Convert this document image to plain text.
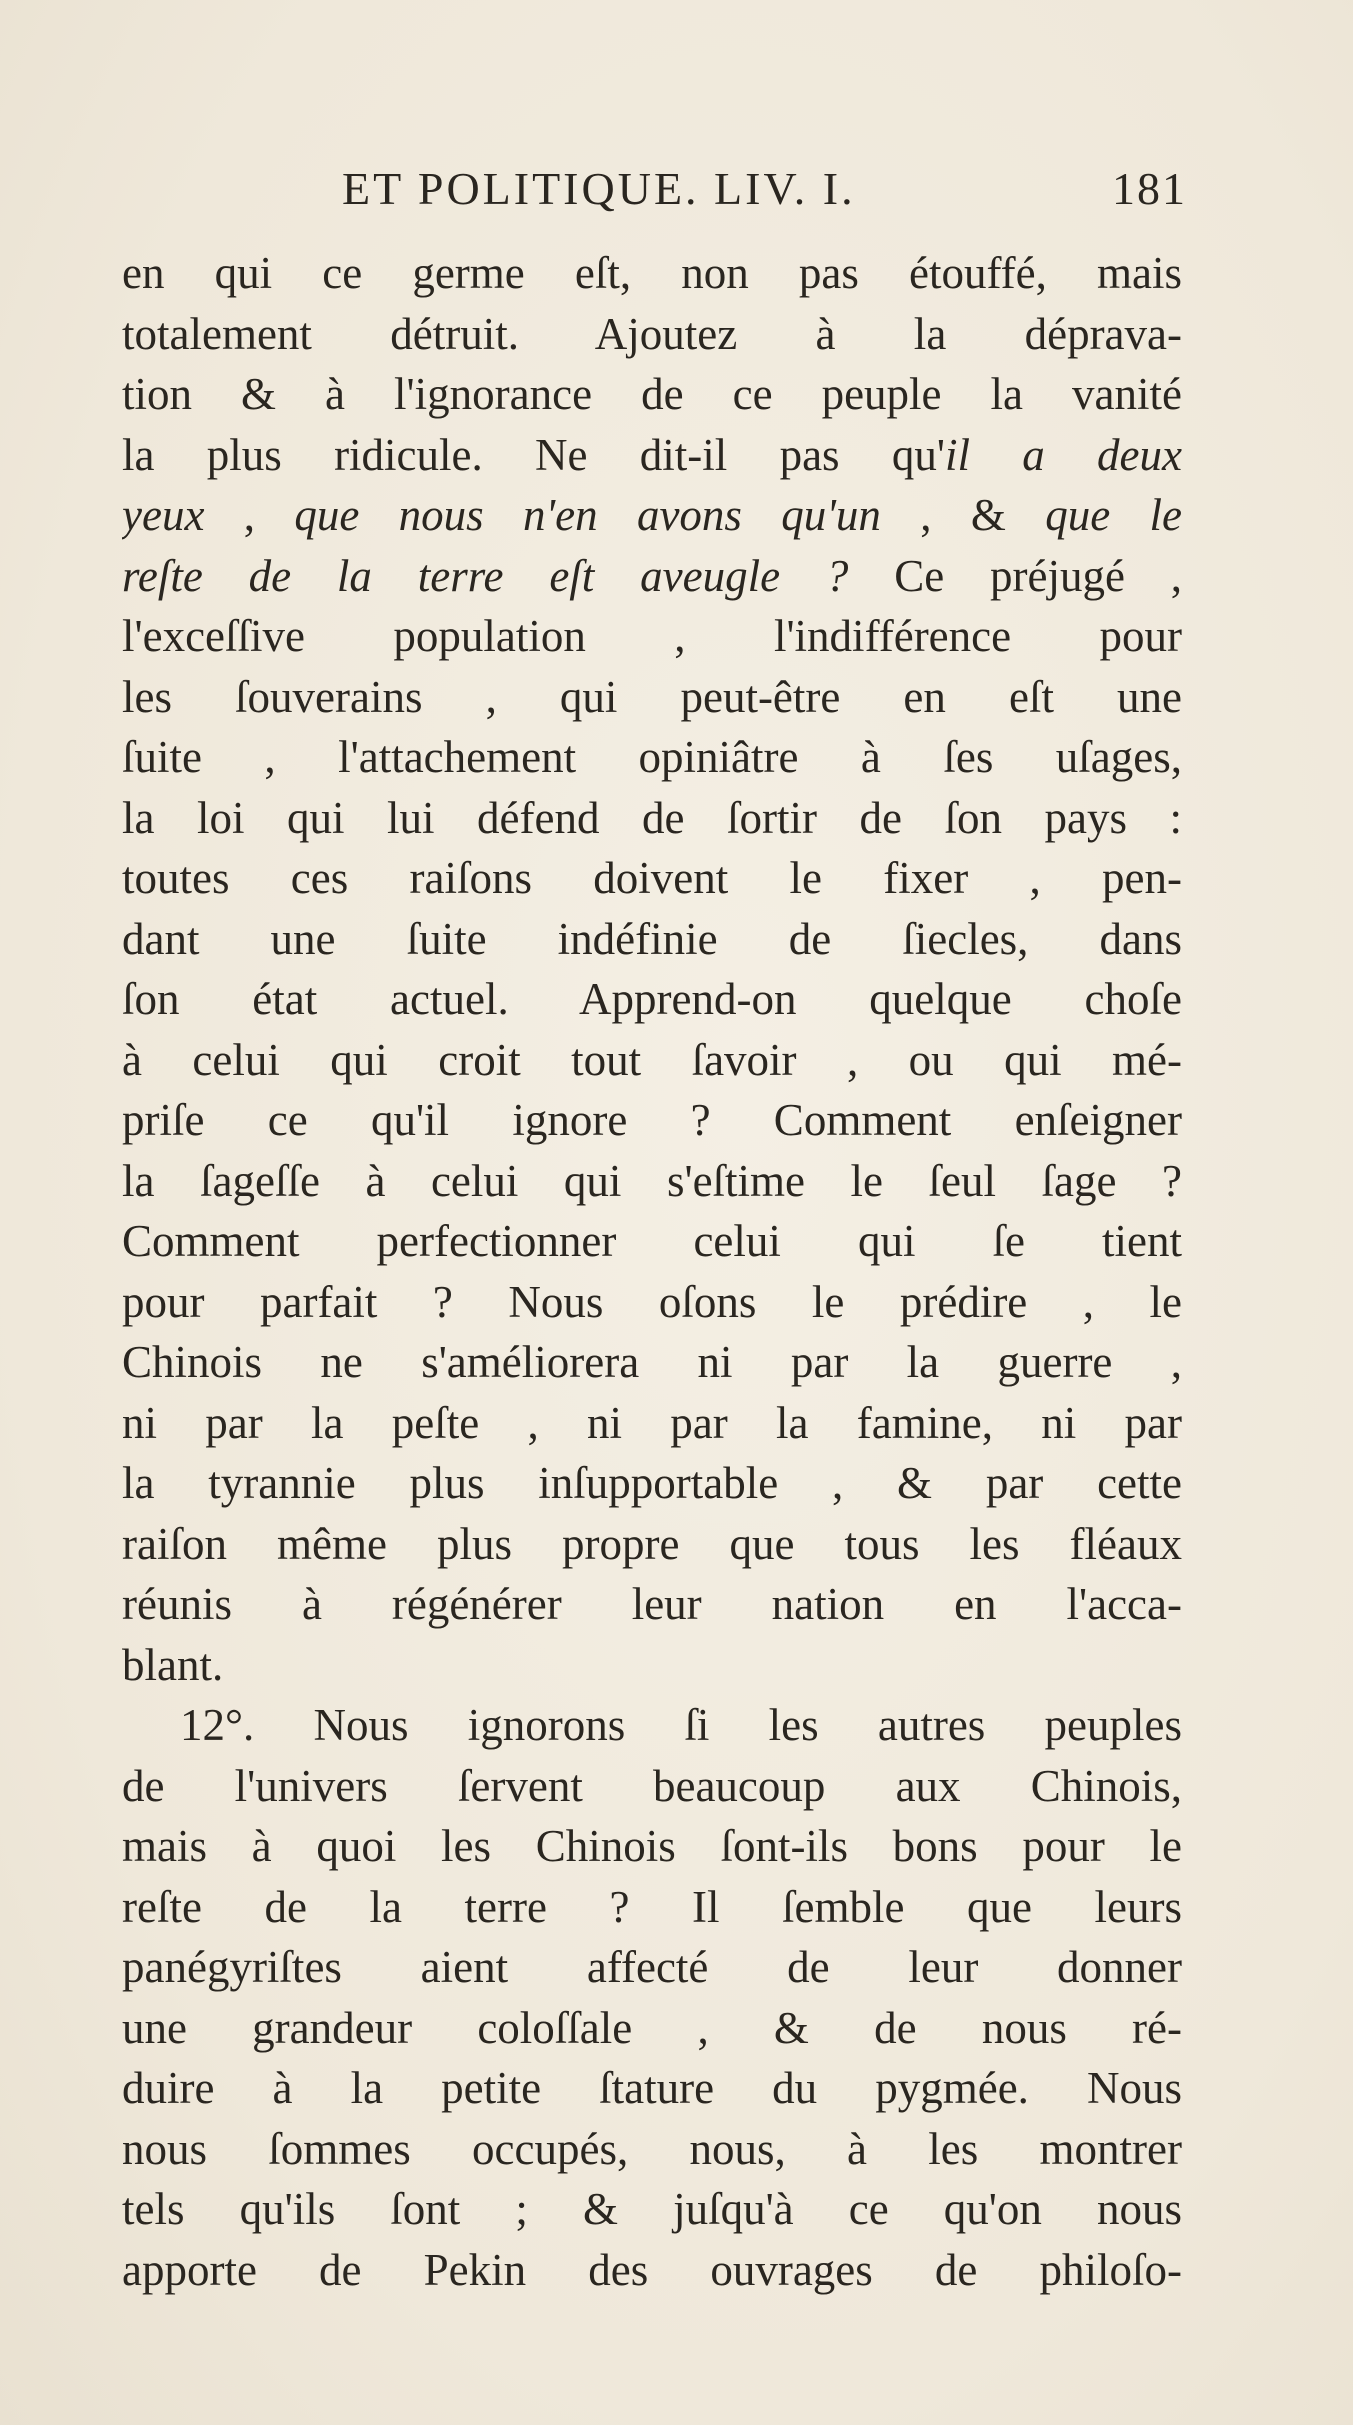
ET POLITIQUE. LIV. I.	181
en qui ce germe eſt, non pas étouffé, mais
totalement détruit. Ajoutez à la déprava-
tion & à l'ignorance de ce peuple la vanité
la plus ridicule. Ne dit-il pas qu'il a deux
yeux , que nous n'en avons qu'un , & que le
reſte de la terre eſt aveugle ? Ce préjugé ,
l'exceſſive population , l'indifférence pour
les ſouverains , qui peut-être en eſt une
ſuite , l'attachement opiniâtre à ſes uſages,
la loi qui lui défend de ſortir de ſon pays :
toutes ces raiſons doivent le fixer , pen-
dant une ſuite indéfinie de ſiecles, dans
ſon état actuel. Apprend-on quelque choſe
à celui qui croit tout ſavoir , ou qui mé-
priſe ce qu'il ignore ? Comment enſeigner
la ſageſſe à celui qui s'eſtime le ſeul ſage ?
Comment perfectionner celui qui ſe tient
pour parfait ? Nous oſons le prédire , le
Chinois ne s'améliorera ni par la guerre ,
ni par la peſte , ni par la famine, ni par
la tyrannie plus inſupportable , & par cette
raiſon même plus propre que tous les fléaux
réunis à régénérer leur nation en l'acca-
blant.
12°. Nous ignorons ſi les autres peuples
de l'univers ſervent beaucoup aux Chinois,
mais à quoi les Chinois ſont-ils bons pour le
reſte de la terre ? Il ſemble que leurs
panégyriſtes aient affecté de leur donner
une grandeur coloſſale , & de nous ré-
duire à la petite ſtature du pygmée. Nous
nous ſommes occupés, nous, à les montrer
tels qu'ils ſont ; & juſqu'à ce qu'on nous
apporte de Pekin des ouvrages de philoſo-
